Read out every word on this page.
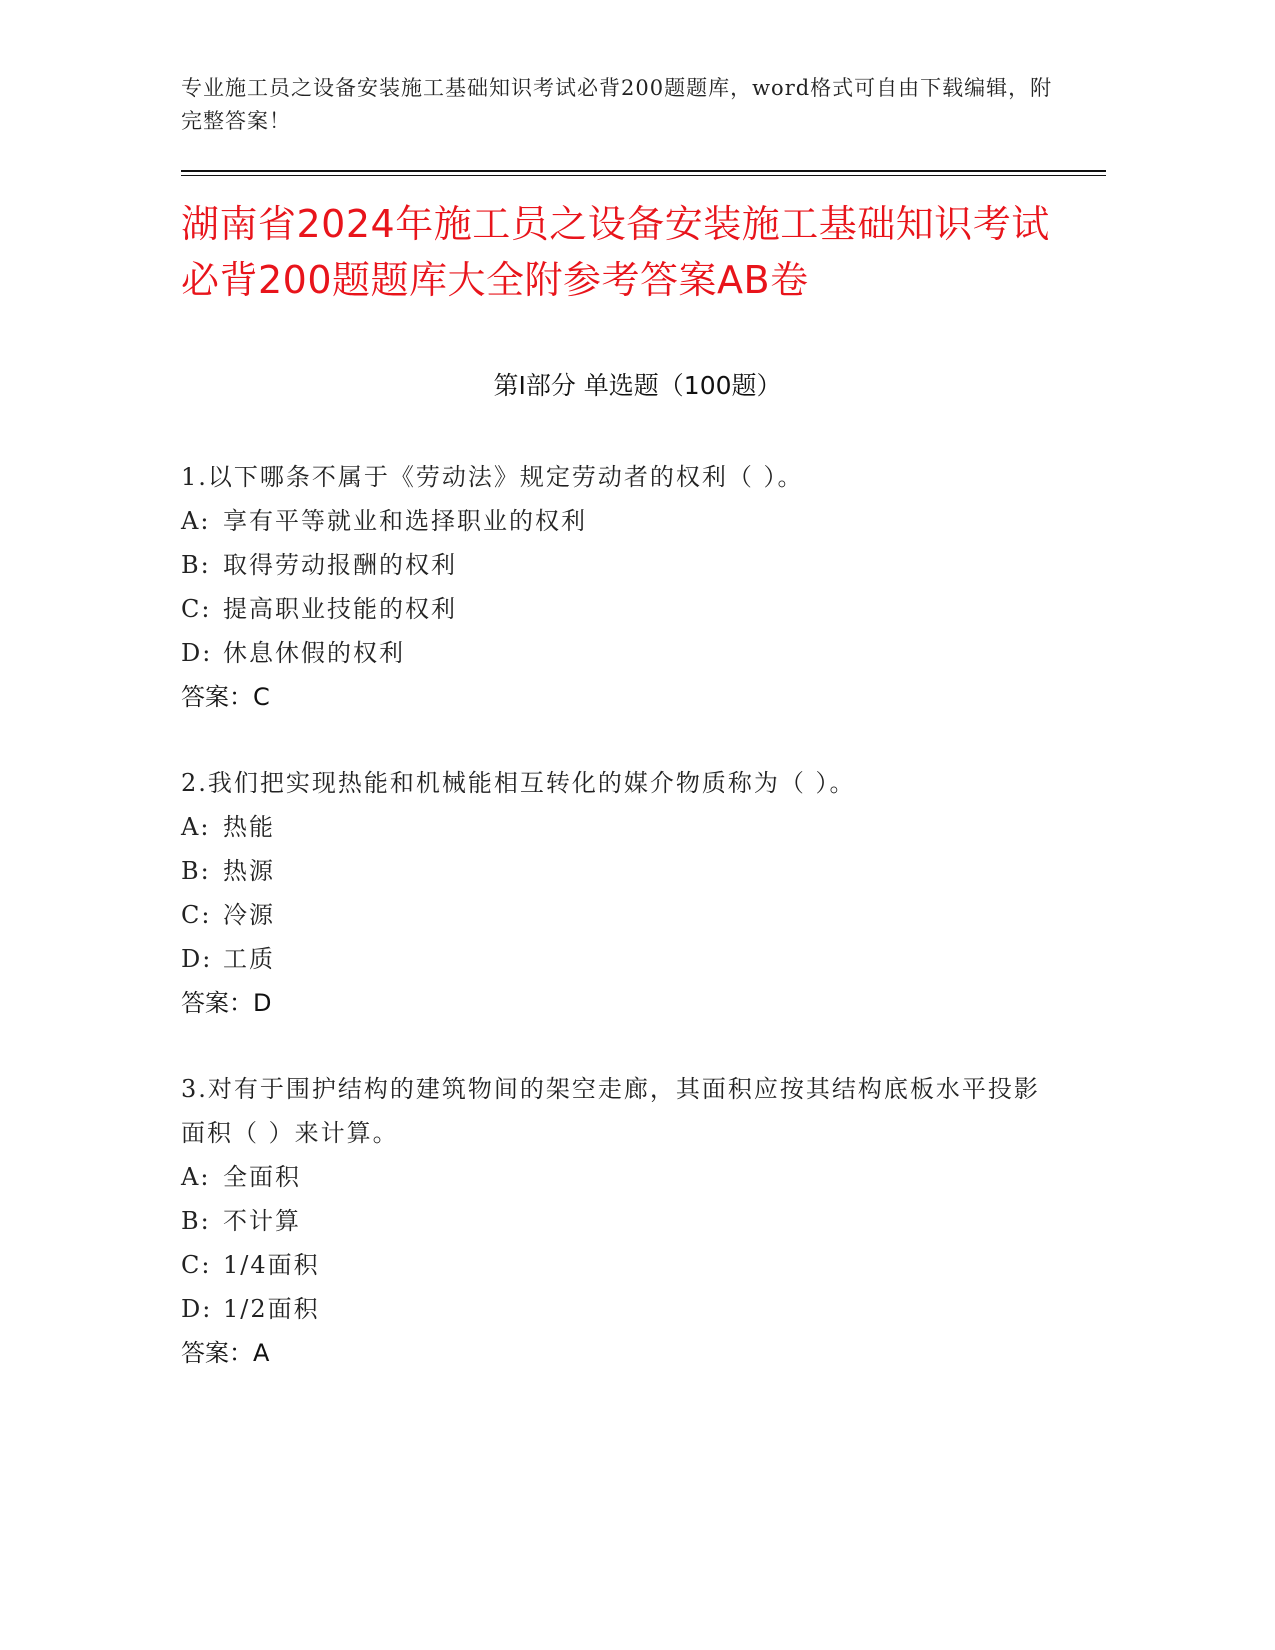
专业施工员之设备安装施工基础知识考试必背200题题库，word格式可自由下载编辑，附完整答案！
湖南省2024年施工员之设备安装施工基础知识考试必背200题题库大全附参考答案AB卷
第Ⅰ部分 单选题（100题）

1.以下哪条不属于《劳动法》规定劳动者的权利（ ）。

A: 享有平等就业和选择职业的权利

B: 取得劳动报酬的权利

C: 提高职业技能的权利

D: 休息休假的权利

答案：C

2.我们把实现热能和机械能相互转化的媒介物质称为（ ）。

A: 热能

B: 热源

C: 冷源

D: 工质

答案：D

3.对有于围护结构的建筑物间的架空走廊，其面积应按其结构底板水平投影面积（ ）来计算。

A: 全面积

B: 不计算

C: 1/4面积

D: 1/2面积

答案：A
